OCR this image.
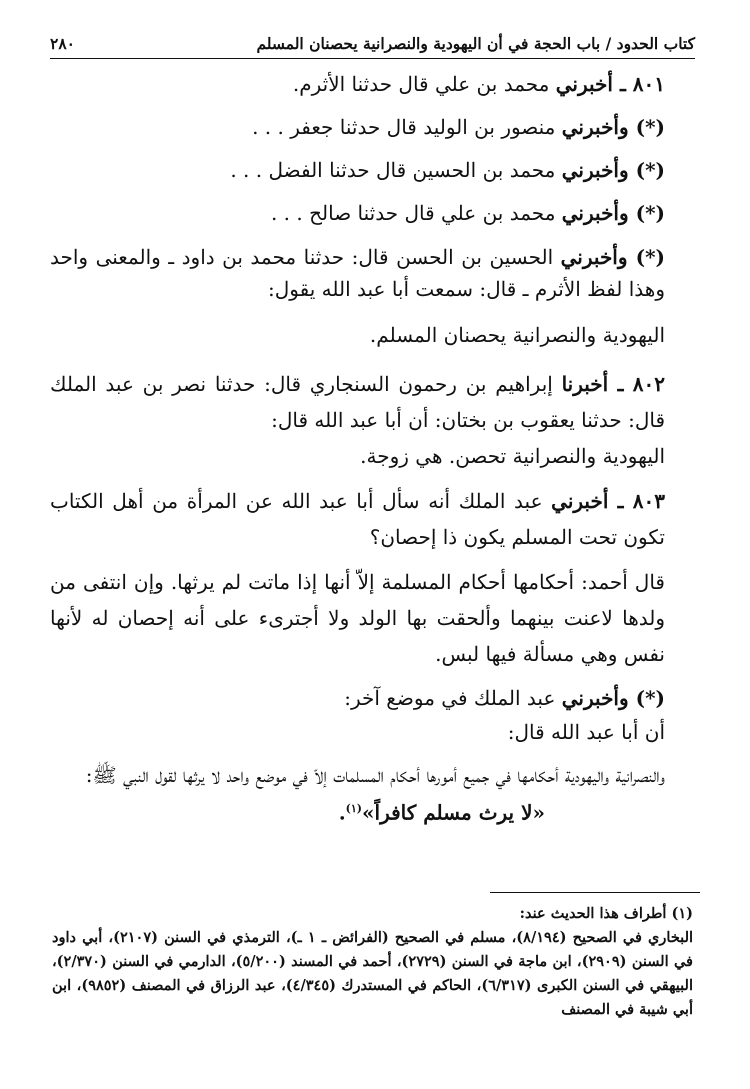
كتاب الحدود / باب الحجة في أن اليهودية والنصرانية يحصنان المسلم
٢٨٠

٨٠١ ـ أخبرني محمد بن علي قال حدثنا الأثرم.

(*) وأخبرني منصور بن الوليد قال حدثنا جعفر . . .

(*) وأخبرني محمد بن الحسين قال حدثنا الفضل . . .

(*) وأخبرني محمد بن علي قال حدثنا صالح . . .

(*) وأخبرني الحسين بن الحسن قال: حدثنا محمد بن داود ـ والمعنى واحد وهذا لفظ الأثرم ـ قال: سمعت أبا عبد الله يقول:

اليهودية والنصرانية يحصنان المسلم.

٨٠٢ ـ أخبرنا إبراهيم بن رحمون السنجاري قال: حدثنا نصر بن عبد الملك قال: حدثنا يعقوب بن بختان: أن أبا عبد الله قال:

اليهودية والنصرانية تحصن. هي زوجة.

٨٠٣ ـ أخبرني عبد الملك أنه سأل أبا عبد الله عن المرأة من أهل الكتاب تكون تحت المسلم يكون ذا إحصان؟

قال أحمد: أحكامها أحكام المسلمة إلاّ أنها إذا ماتت لم يرثها. وإن انتفى من ولدها لاعنت بينهما وألحقت بها الولد ولا أجترىء على أنه إحصان له لأنها نفس وهي مسألة فيها لبس.

(*) وأخبرني عبد الملك في موضع آخر:

أن أبا عبد الله قال:

والنصرانية واليهودية أحكامها في جميع أمورها أحكام المسلمات إلاّ في موضع واحد لا يرثها لقول النبي ﷺ:

«لا يرث مسلم كافراً»$^{(١)}$.

(١) أطراف هذا الحديث عند:

البخاري في الصحيح (٨/١٩٤)، مسلم في الصحيح (الفرائض ـ ١ ـ)، الترمذي في السنن (٢١٠٧)، أبي داود في السنن (٢٩٠٩)، ابن ماجة في السنن (٢٧٢٩)، أحمد في المسند (٥/٢٠٠)، الدارمي في السنن (٢/٣٧٠)، البيهقي في السنن الكبرى (٦/٣١٧)، الحاكم في المستدرك (٤/٣٤٥)، عبد الرزاق في المصنف (٩٨٥٢)، ابن أبي شيبة في المصنف
